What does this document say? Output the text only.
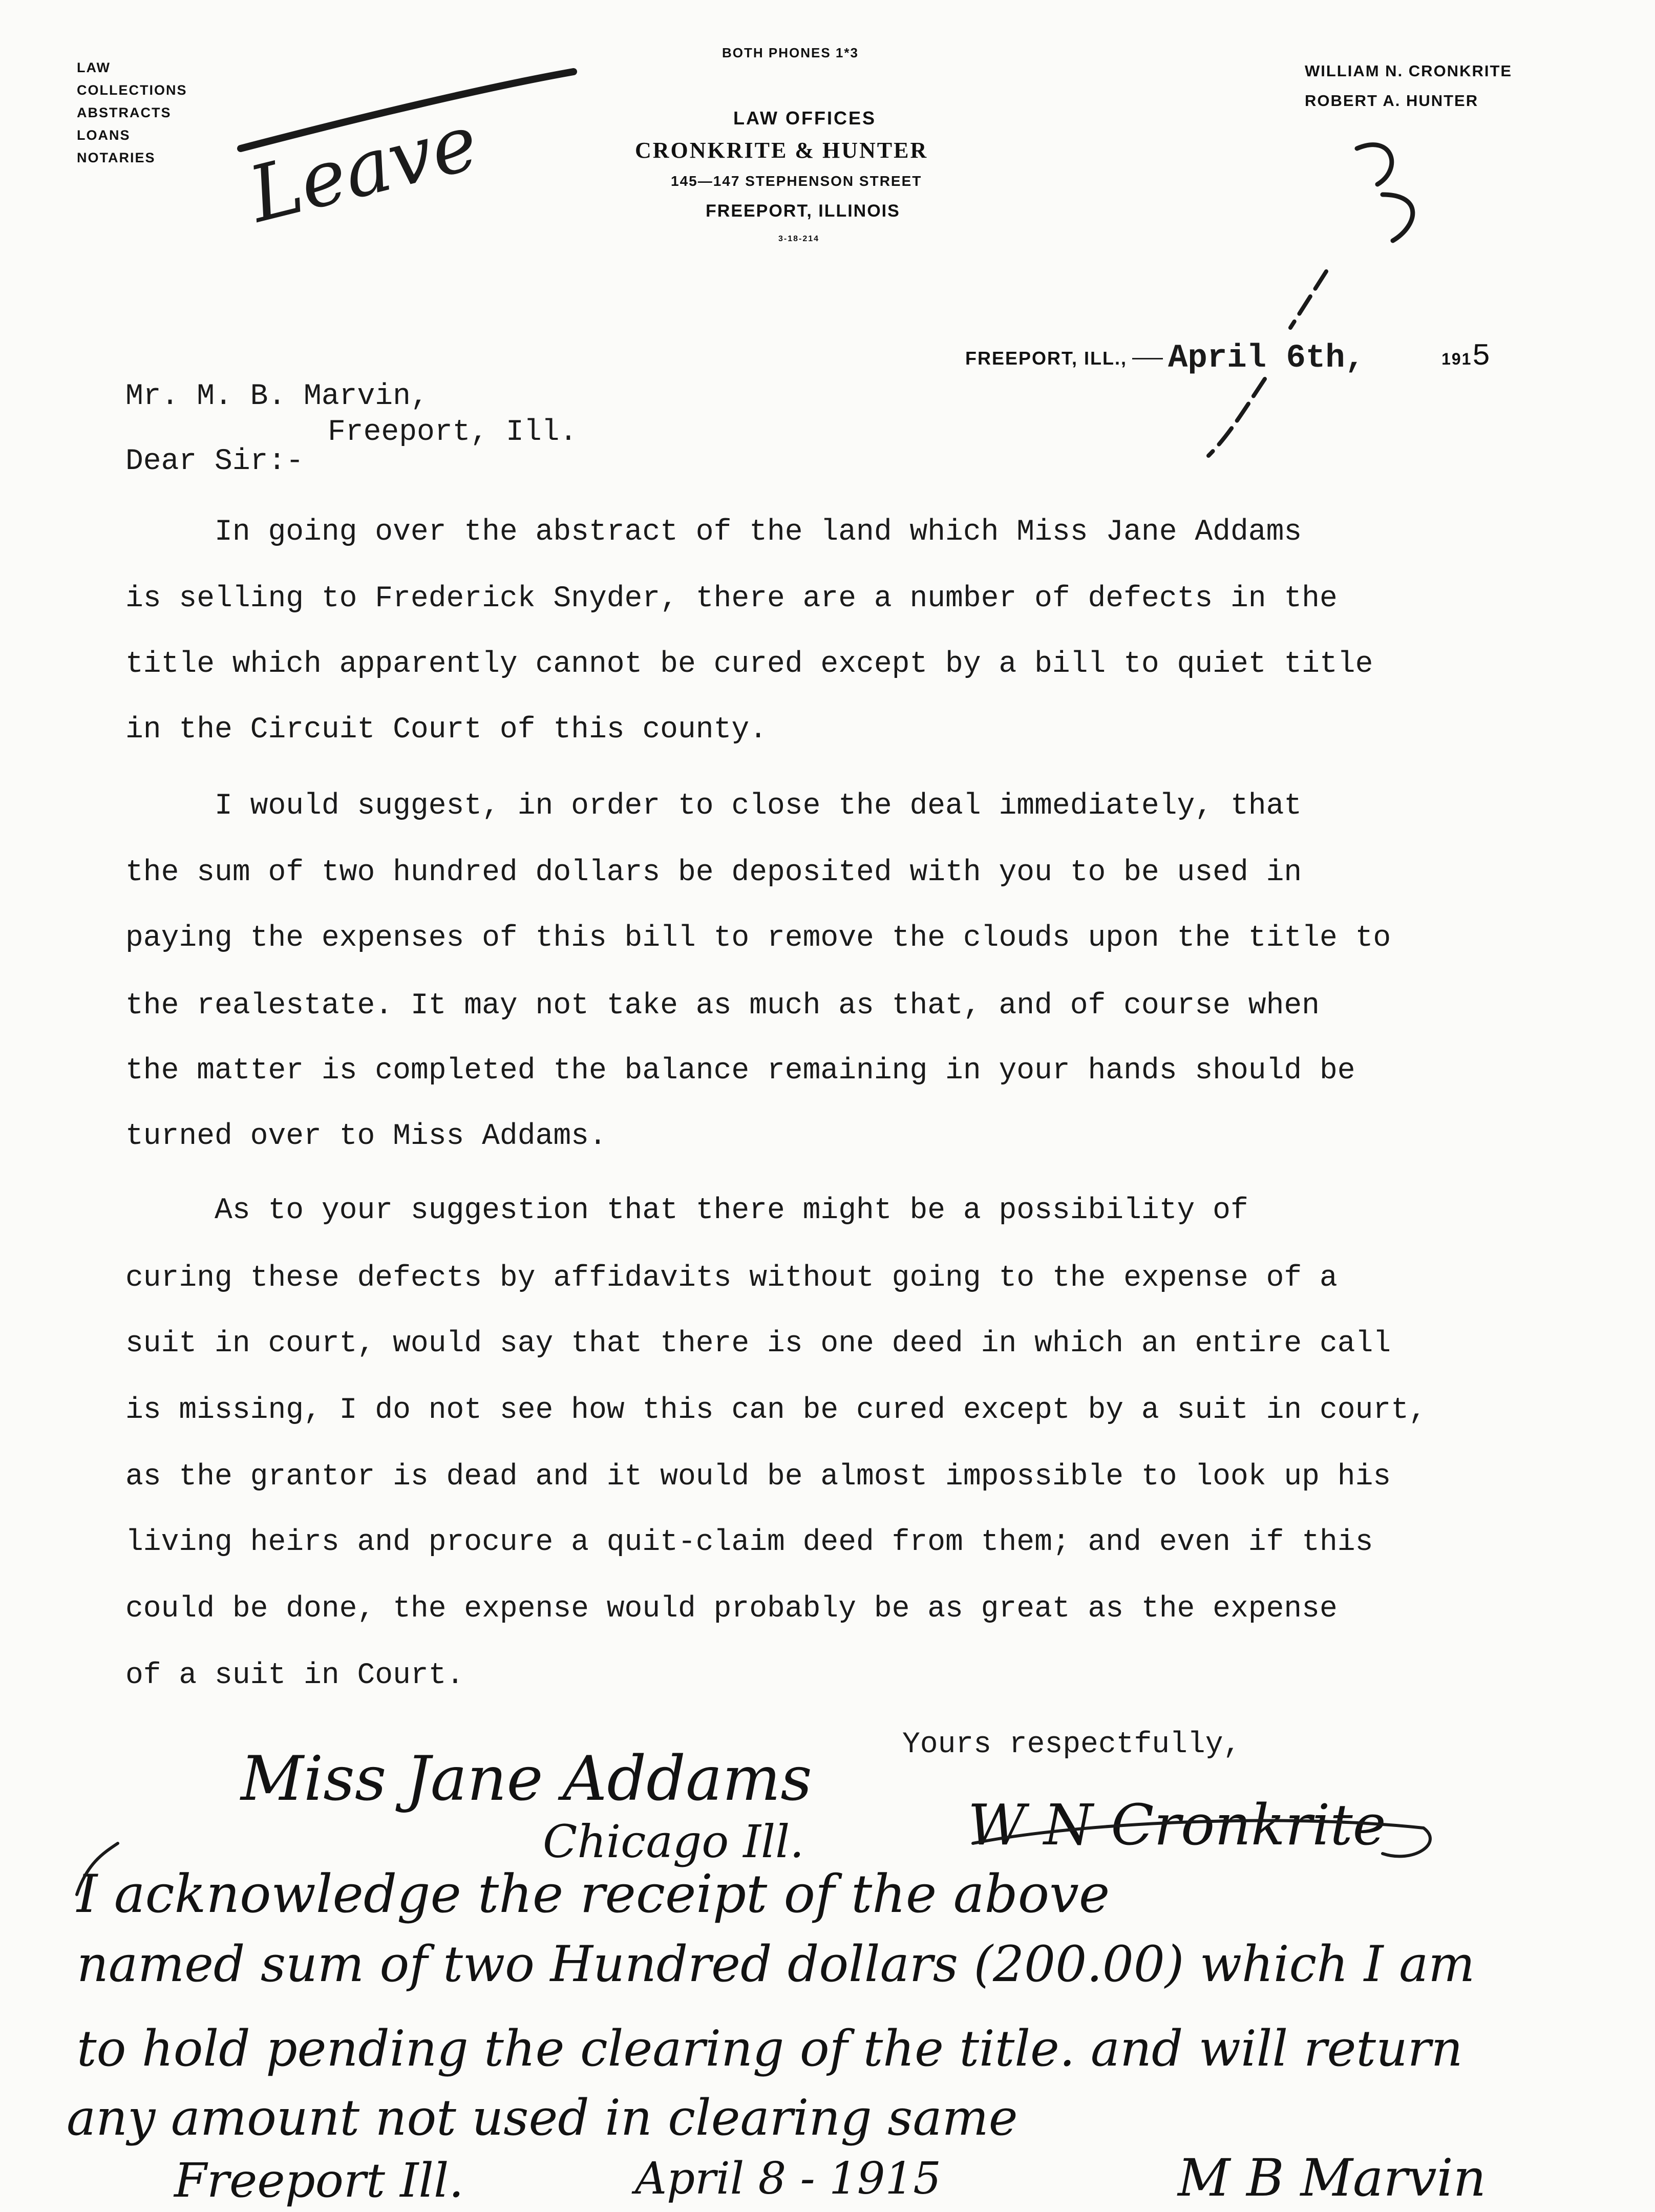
LAW
COLLECTIONS
ABSTRACTS
LOANS
NOTARIES
BOTH PHONES 1*3
LAW OFFICES
CRONKRITE & HUNTER
145—147 STEPHENSON STREET
FREEPORT, ILLINOIS
3-18-214
WILLIAM N. CRONKRITE
ROBERT A. HUNTER
FREEPORT, ILL., April 6th,	1915
Mr. M. B. Marvin,
Freeport, Ill.
Dear Sir:-
In going over the abstract of the land which Miss Jane Addams
is selling to Frederick Snyder, there are a number of defects in the
title which apparently cannot be cured except by a bill to quiet title
in the Circuit Court of this county.
I would suggest, in order to close the deal immediately, that
the sum of two hundred dollars be deposited with you to be used in
paying the expenses of this bill to remove the clouds upon the title to
the realestate. It may not take as much as that, and of course when
the matter is completed the balance remaining in your hands should be
turned over to Miss Addams.
As to your suggestion that there might be a possibility of
curing these defects by affidavits without going to the expense of a
suit in court, would say that there is one deed in which an entire call
is missing, I do not see how this can be cured except by a suit in court,
as the grantor is dead and it would be almost impossible to look up his
living heirs and procure a quit-claim deed from them; and even if this
could be done, the expense would probably be as great as the expense
of a suit in Court.
Yours respectfully,
Leave
Miss Jane Addams
Chicago Ill.	W N Cronkrite
I acknowledge the receipt of the above
named sum of two Hundred dollars (200.00) which I am
to hold pending the clearing of the title. and will return
any amount not used in clearing same
Freeport Ill.	April 8 - 1915	M B Marvin
